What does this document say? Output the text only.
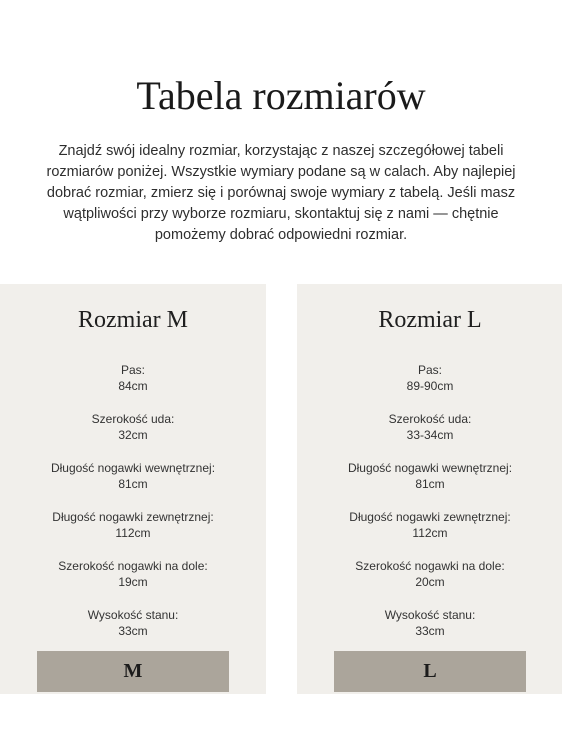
Tabela rozmiarów

Znajdź swój idealny rozmiar, korzystając z naszej szczegółowej tabeli rozmiarów poniżej. Wszystkie wymiary podane są w calach. Aby najlepiej dobrać rozmiar, zmierz się i porównaj swoje wymiary z tabelą. Jeśli masz wątpliwości przy wyborze rozmiaru, skontaktuj się z nami — chętnie pomożemy dobrać odpowiedni rozmiar.

Rozmiar M
Pas:
84cm
Szerokość uda:
32cm
Długość nogawki wewnętrznej:
81cm
Długość nogawki zewnętrznej:
112cm
Szerokość nogawki na dole:
19cm
Wysokość stanu:
33cm
M
Rozmiar L
Pas:
89-90cm
Szerokość uda:
33-34cm
Długość nogawki wewnętrznej:
81cm
Długość nogawki zewnętrznej:
112cm
Szerokość nogawki na dole:
20cm
Wysokość stanu:
33cm
L
